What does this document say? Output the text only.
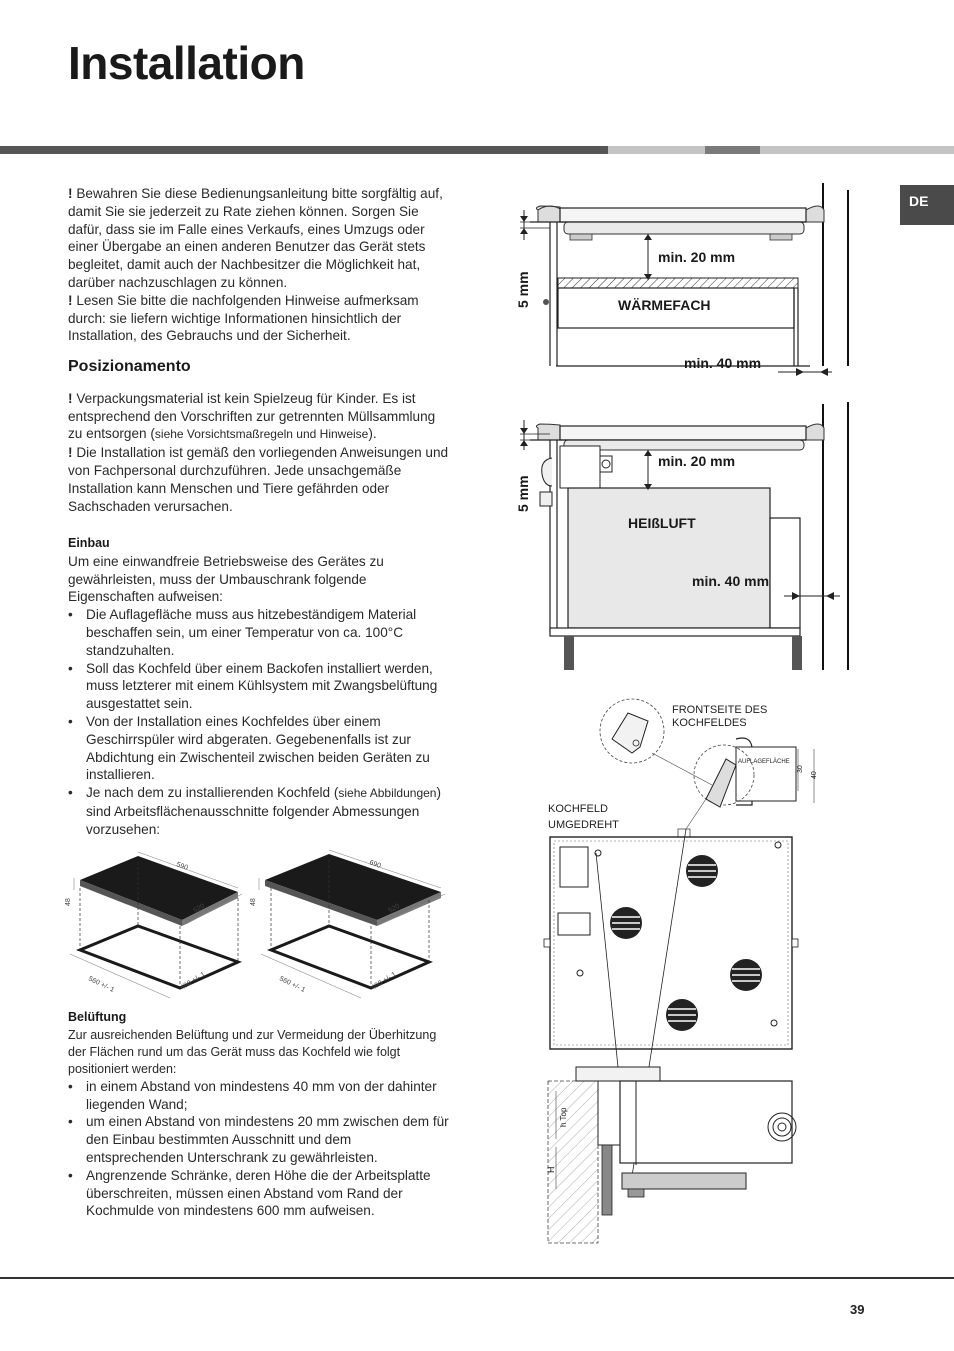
Installation
DE

! Bewahren Sie diese Bedienungsanleitung bitte sorgfältig auf, damit Sie sie jederzeit zu Rate ziehen können. Sorgen Sie dafür, dass sie im Falle eines Verkaufs, eines Umzugs oder einer Übergabe an einen anderen Benutzer das Gerät stets begleitet, damit auch der Nachbesitzer die Möglichkeit hat, darüber nachzuschlagen zu können.

! Lesen Sie bitte die nachfolgenden Hinweise aufmerksam durch: sie liefern wichtige Informationen hinsichtlich der Installation, des Gebrauchs und der Sicherheit.

Posizionamento

! Verpackungsmaterial ist kein Spielzeug für Kinder. Es ist entsprechend den Vorschriften zur getrennten Müllsammlung zu entsorgen (siehe Vorsichtsmaßregeln und Hinweise).

! Die Installation ist gemäß den vorliegenden Anweisungen und von Fachpersonal durchzuführen. Jede unsachgemäße Installation kann Menschen und Tiere gefährden oder Sachschaden verursachen.

Einbau

Um eine einwandfreie Betriebsweise des Gerätes zu gewährleisten, muss der Umbauschrank folgende Eigenschaften aufweisen:

• Die Auflagefläche muss aus hitzebeständigem Material beschaffen sein, um einer Temperatur von ca. 100°C standzuhalten.
• Soll das Kochfeld über einem Backofen installiert werden, muss letzterer mit einem Kühlsystem mit Zwangsbelüftung ausgestattet sein.
• Von der Installation eines Kochfeldes über einem Geschirrspüler wird abgeraten. Gegebenenfalls ist zur Abdichtung ein Zwischenteil zwischen beiden Geräten zu installieren.
• Je nach dem zu installierenden Kochfeld (siehe Abbildungen) sind Arbeitsflächenausschnitte folgender Abmessungen vorzusehen:
590
520
48
560 +/- 1	490 +/- 1
690
520
48
560 +/- 1	490 +/- 1
Belüftung

Zur ausreichenden Belüftung und zur Vermeidung der Überhitzung der Flächen rund um das Gerät muss das Kochfeld wie folgt positioniert werden:

• in einem Abstand von mindestens 40 mm von der dahinter liegenden Wand;
• um einen Abstand von mindestens 20 mm zwischen dem für den Einbau bestimmten Ausschnitt und dem entsprechenden Unterschrank zu gewährleisten.
• Angrenzende Schränke, deren Höhe die der Arbeitsplatte überschreiten, müssen einen Abstand vom Rand der Kochmulde von mindestens 600 mm aufweisen.
5 mm
min. 20 mm
WÄRMEFACH
min. 40 mm
5 mm
min. 20 mm
HEIßLUFT
min. 40 mm
FRONTSEITE DES
KOCHFELDES
AUFLAGEFLÄCHE
30
40
KOCHFELD
UMGEDREHT
h Top
H
39
